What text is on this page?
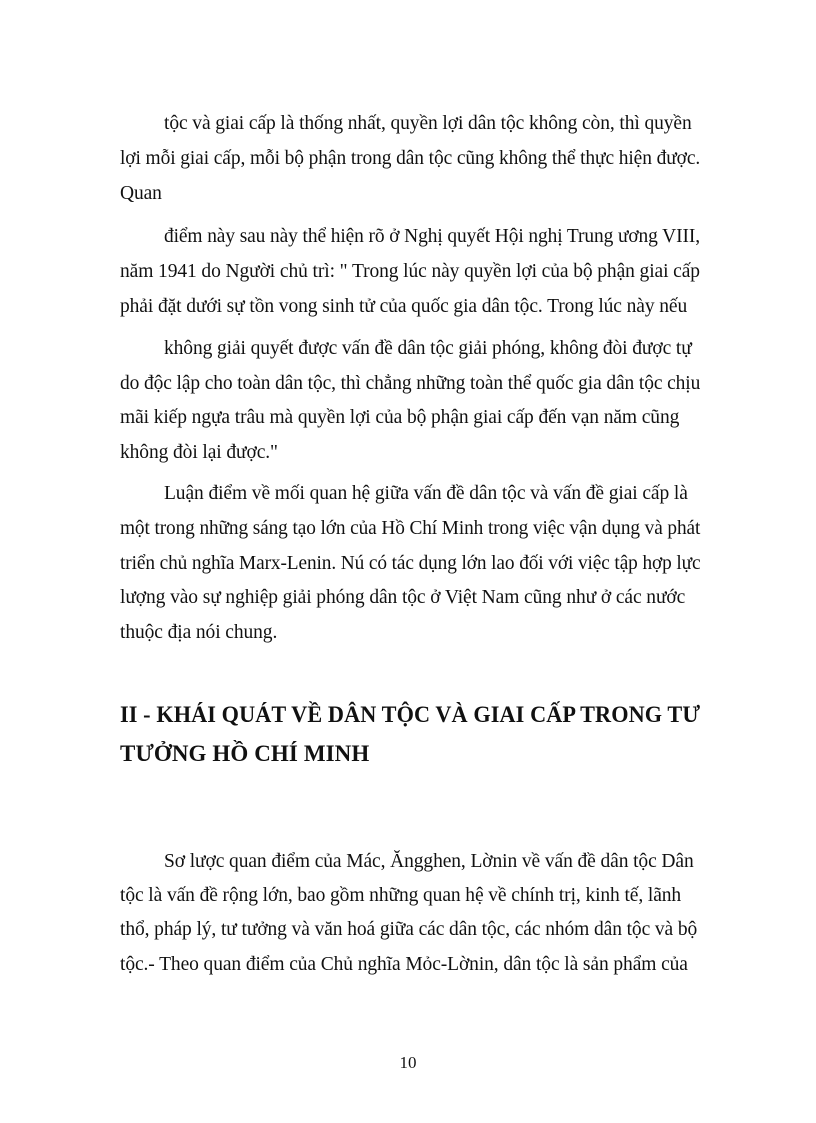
tộc và giai cấp là thống nhất, quyền lợi dân tộc không còn, thì quyền
lợi mỗi giai cấp, mỗi bộ phận trong dân tộc cũng không thể thực hiện được.
Quan
điểm này sau này thể hiện rõ ở Nghị quyết Hội nghị Trung ương VIII,
năm 1941 do Người chủ trì: " Trong lúc này quyền lợi của bộ phận giai cấp
phải đặt dưới sự tồn vong sinh tử của quốc gia dân tộc. Trong lúc này nếu
không giải quyết được vấn đề dân tộc giải phóng, không đòi được tự
do độc lập cho toàn dân tộc, thì chẳng những toàn thể quốc gia dân tộc chịu
mãi kiếp ngựa trâu mà quyền lợi của bộ phận giai cấp đến vạn năm cũng
không đòi lại được."
Luận điểm về mối quan hệ giữa vấn đề dân tộc và vấn đề giai cấp là
một trong những sáng tạo lớn của Hồ Chí Minh trong việc vận dụng và phát
triển chủ nghĩa Marx-Lenin. Nú có tác dụng lớn lao đối với việc tập hợp lực
lượng vào sự nghiệp giải phóng dân tộc ở Việt Nam cũng như ở các nước
thuộc địa nói chung.
II - KHÁI QUÁT VỀ DÂN TỘC VÀ GIAI CẤP TRONG TƯ
TƯỞNG HỒ CHÍ MINH
Sơ lược quan điểm của Mác, Ăngghen, Lờnin về vấn đề dân tộc Dân
tộc là vấn đề rộng lớn, bao gồm những quan hệ về chính trị, kinh tế, lãnh
thổ, pháp lý, tư tưởng và văn hoá giữa các dân tộc, các nhóm dân tộc và bộ
tộc.- Theo quan điểm của Chủ nghĩa Mỏc-Lờnin, dân tộc là sản phẩm của
10
